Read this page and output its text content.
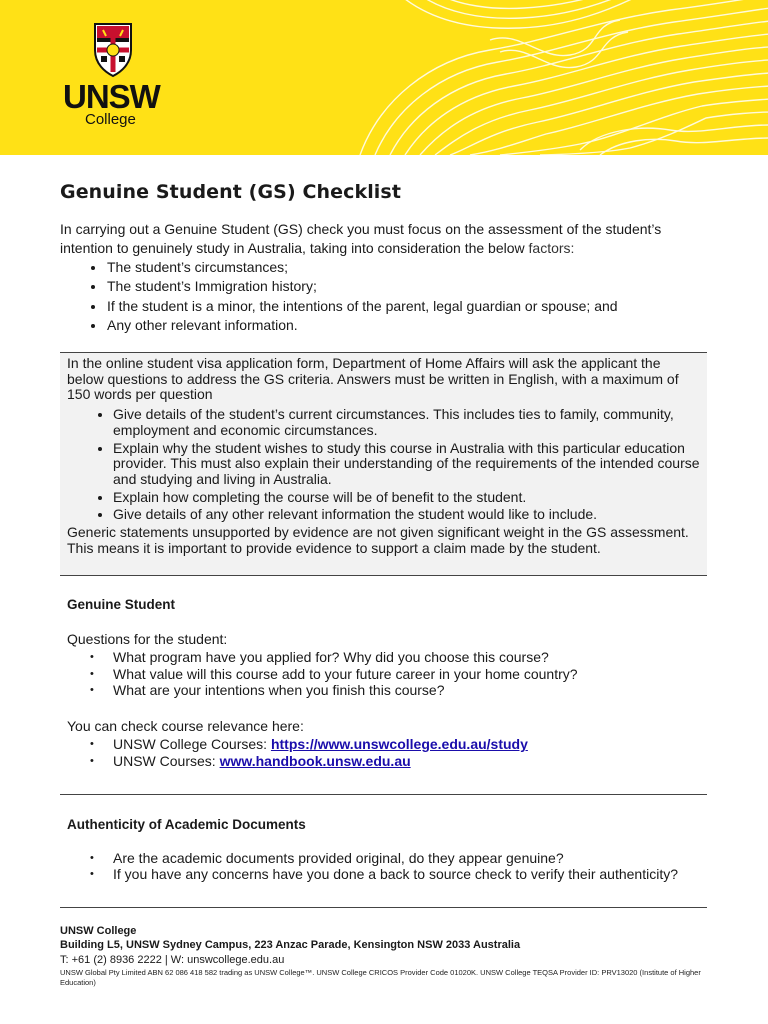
UNSW
College
Genuine Student (GS) Checklist

In carrying out a Genuine Student (GS) check you must focus on the assessment of the student’s intention to genuinely study in Australia, taking into consideration the below factors:

• The student’s circumstances;
• The student’s Immigration history;
• If the student is a minor, the intentions of the parent, legal guardian or spouse; and
• Any other relevant information.

In the online student visa application form, Department of Home Affairs will ask the applicant the below questions to address the GS criteria. Answers must be written in English, with a maximum of 150 words per question

• Give details of the student’s current circumstances. This includes ties to family, community, employment and economic circumstances.
• Explain why the student wishes to study this course in Australia with this particular education provider. This must also explain their understanding of the requirements of the intended course and studying and living in Australia.
• Explain how completing the course will be of benefit to the student.
• Give details of any other relevant information the student would like to include.

Generic statements unsupported by evidence are not given significant weight in the GS assessment. This means it is important to provide evidence to support a claim made by the student.

Genuine Student

Questions for the student:

• What program have you applied for? Why did you choose this course?
• What value will this course add to your future career in your home country?
• What are your intentions when you finish this course?

You can check course relevance here:

• UNSW College Courses: https://www.unswcollege.edu.au/study
• UNSW Courses: www.handbook.unsw.edu.au
Authenticity of Academic Documents
• Are the academic documents provided original, do they appear genuine?
• If you have any concerns have you done a back to source check to verify their authenticity?
UNSW College
Building L5, UNSW Sydney Campus, 223 Anzac Parade, Kensington NSW 2033 Australia
T: +61 (2) 8936 2222 | W: unswcollege.edu.au
UNSW Global Pty Limited ABN 62 086 418 582 trading as UNSW College™. UNSW College CRICOS Provider Code 01020K. UNSW College TEQSA Provider ID: PRV13020 (Institute of Higher Education)
